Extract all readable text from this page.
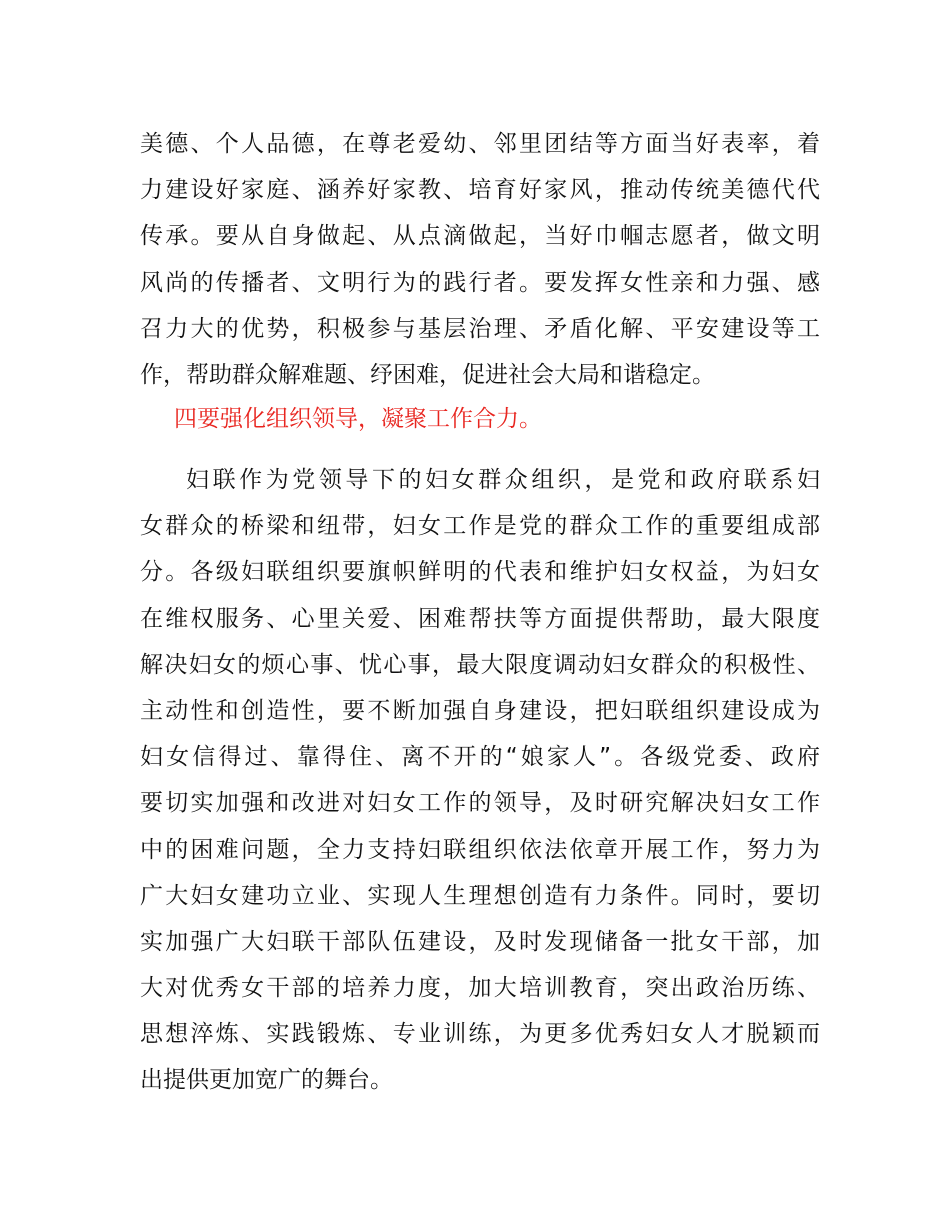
美德、个人品德，在尊老爱幼、邻里团结等方面当好表率，着
力建设好家庭、涵养好家教、培育好家风，推动传统美德代代
传承。要从自身做起、从点滴做起，当好巾帼志愿者，做文明
风尚的传播者、文明行为的践行者。要发挥女性亲和力强、感
召力大的优势，积极参与基层治理、矛盾化解、平安建设等工
作，帮助群众解难题、纾困难，促进社会大局和谐稳定。
四要强化组织领导，凝聚工作合力。
妇联作为党领导下的妇女群众组织，是党和政府联系妇
女群众的桥梁和纽带，妇女工作是党的群众工作的重要组成部
分。各级妇联组织要旗帜鲜明的代表和维护妇女权益，为妇女
在维权服务、心里关爱、困难帮扶等方面提供帮助，最大限度
解决妇女的烦心事、忧心事，最大限度调动妇女群众的积极性、
主动性和创造性，要不断加强自身建设，把妇联组织建设成为
妇女信得过、靠得住、离不开的“娘家人”。各级党委、政府
要切实加强和改进对妇女工作的领导，及时研究解决妇女工作
中的困难问题，全力支持妇联组织依法依章开展工作，努力为
广大妇女建功立业、实现人生理想创造有力条件。同时，要切
实加强广大妇联干部队伍建设，及时发现储备一批女干部，加
大对优秀女干部的培养力度，加大培训教育，突出政治历练、
思想淬炼、实践锻炼、专业训练，为更多优秀妇女人才脱颖而
出提供更加宽广的舞台。
